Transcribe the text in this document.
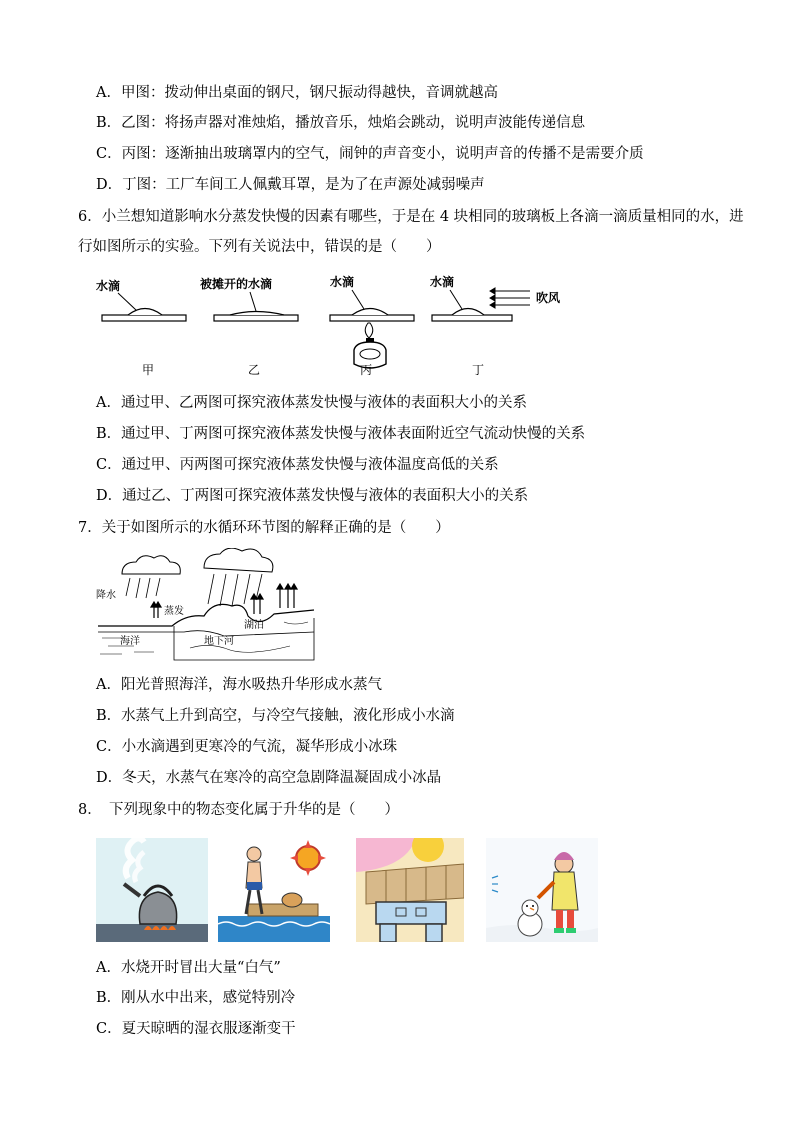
A．甲图：拨动伸出桌面的钢尺，钢尺振动得越快，音调就越高
B．乙图：将扬声器对准烛焰，播放音乐，烛焰会跳动，说明声波能传递信息
C．丙图：逐渐抽出玻璃罩内的空气，闹钟的声音变小，说明声音的传播不是需要介质
D．丁图：工厂车间工人佩戴耳罩，是为了在声源处减弱噪声
6．小兰想知道影响水分蒸发快慢的因素有哪些，于是在 4 块相同的玻璃板上各滴一滴质量相同的水，进
行如图所示的实验。下列有关说法中，错误的是（　　）
水滴
甲
被摊开的水滴
乙
水滴
丙
水滴
吹风
丁
A．通过甲、乙两图可探究液体蒸发快慢与液体的表面积大小的关系
B．通过甲、丁两图可探究液体蒸发快慢与液体表面附近空气流动快慢的关系
C．通过甲、丙两图可探究液体蒸发快慢与液体温度高低的关系
D．通过乙、丁两图可探究液体蒸发快慢与液体的表面积大小的关系
7．关于如图所示的水循环环节图的解释正确的是（　　）
降水
蒸发
海洋
湖泊
地下河
A．阳光普照海洋，海水吸热升华形成水蒸气
B．水蒸气上升到高空，与冷空气接触，液化形成小水滴
C．小水滴遇到更寒冷的气流，凝华形成小冰珠
D．冬天，水蒸气在寒冷的高空急剧降温凝固成小冰晶
8．　下列现象中的物态变化属于升华的是（　　）
A．水烧开时冒出大量“白气”
B．刚从水中出来，感觉特别冷
C．夏天晾晒的湿衣服逐渐变干
